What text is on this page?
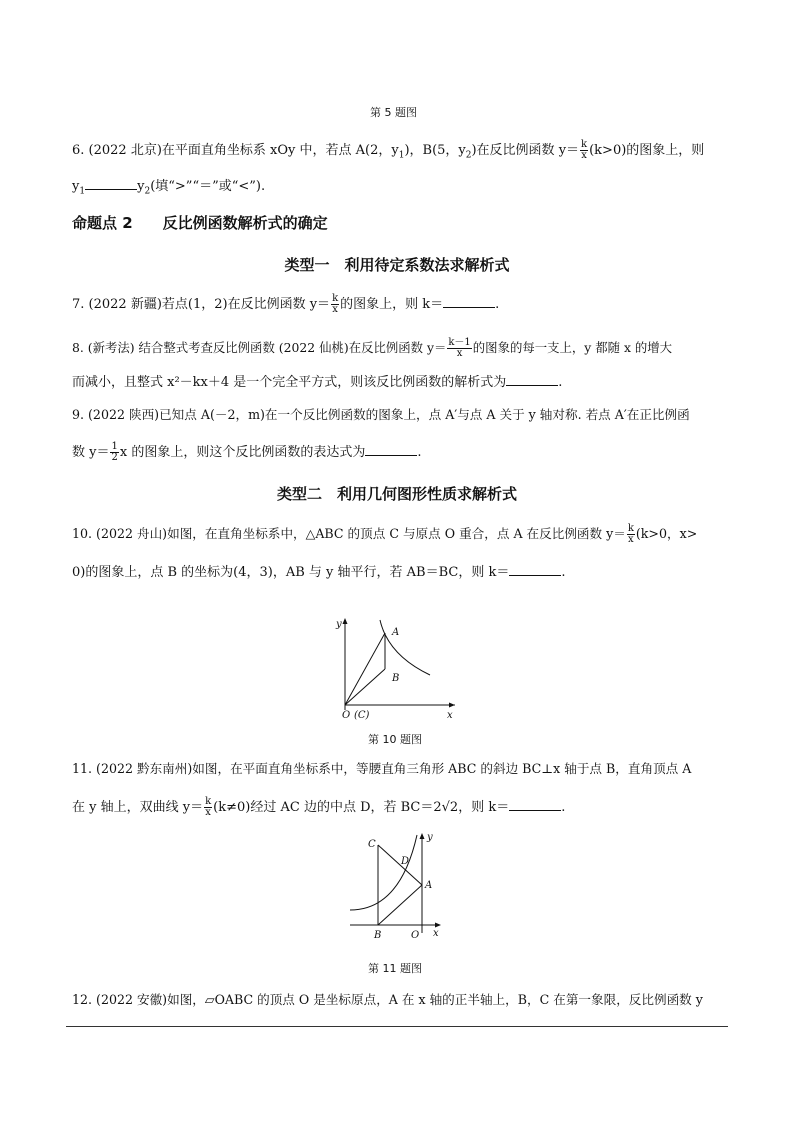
第 5 题图
6. (2022 北京)在平面直角坐标系 xOy 中，若点 A(2，$y_1$)，B(5，$y_2$)在反比例函数 $y= \frac{k}{x} (k>0)$的图象上，则
$y_1$	$y_2$(填“>”“＝”或“<”).
命题点 2　　反比例函数解析式的确定
类型一　利用待定系数法求解析式
7. (2022 新疆)若点(1，2)在反比例函数 $y= \frac{k}{x}$ 的图象上，则 k＝	.
8. (新考法) 结合整式考查反比例函数 (2022 仙桃)在反比例函数 $y= \frac{k-1}{x}$ 的图象的每一支上，y 都随 x 的增大
而减小，且整式 x²－kx＋4 是一个完全平方式，则该反比例函数的解析式为	.
9. (2022 陕西)已知点 A(－2，m)在一个反比例函数的图象上，点 A′与点 A 关于 y 轴对称. 若点 A′在正比例函
数 $y= \frac{1}{2}$ x 的图象上，则这个反比例函数的表达式为	.
类型二　利用几何图形性质求解析式
10. (2022 舟山)如图，在直角坐标系中，△ABC 的顶点 C 与原点 O 重合，点 A 在反比例函数 $y= \frac{k}{x} (k>0$，x>
0)的图象上，点 B 的坐标为(4，3)，AB 与 y 轴平行，若 AB＝BC，则 k＝	.
y
A
B
O (C)	x
第 10 题图
11. (2022 黔东南州)如图，在平面直角坐标系中，等腰直角三角形 ABC 的斜边 BC⊥x 轴于点 B，直角顶点 A
在 y 轴上，双曲线 $y= \frac{k}{x} (k\ne 0)$经过 AC 边的中点 D，若 BC＝2√2，则 k＝	.
C
y
D
A
B	O x
第 11 题图
12. (2022 安徽)如图，▱OABC 的顶点 O 是坐标原点，A 在 x 轴的正半轴上，B，C 在第一象限，反比例函数 y
